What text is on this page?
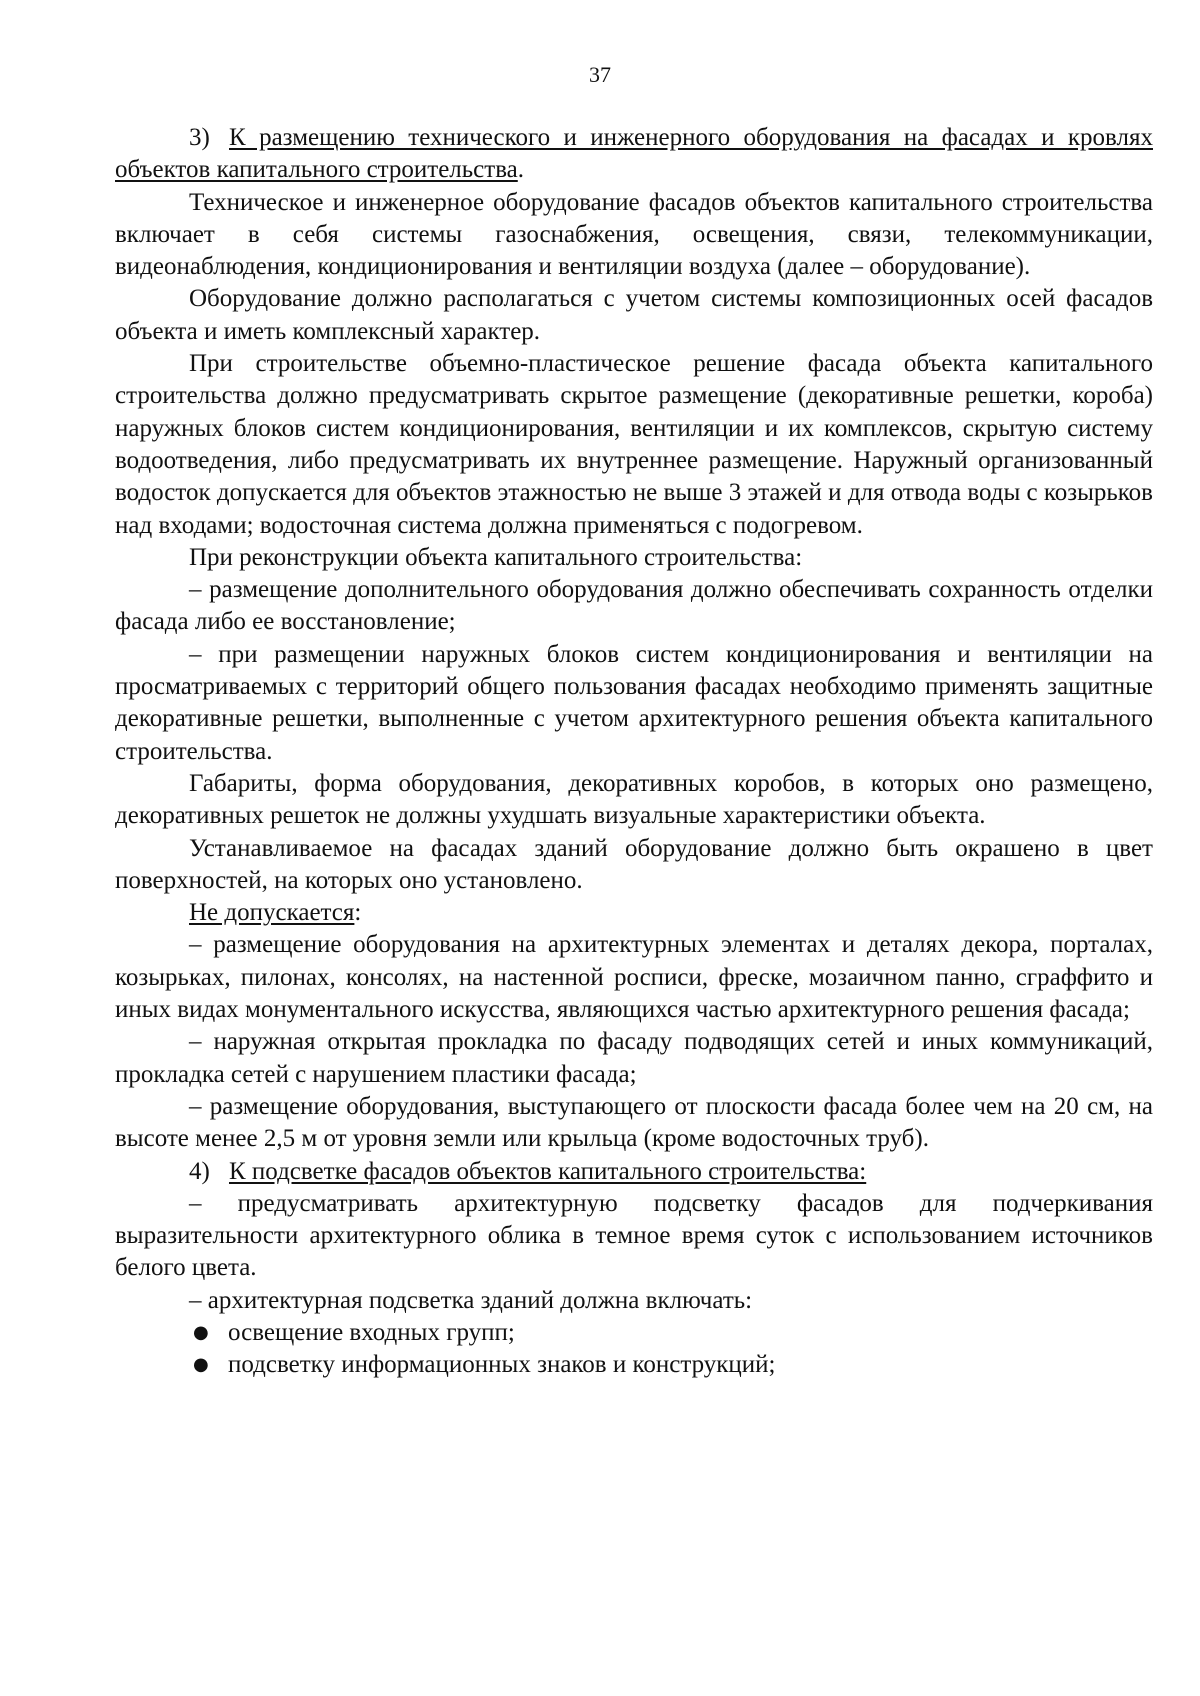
37

3) К размещению технического и инженерного оборудования на фасадах и кровлях объектов капитального строительства.

Техническое и инженерное оборудование фасадов объектов капитального строительства включает в себя системы газоснабжения, освещения, связи, телекоммуникации, видеонаблюдения, кондиционирования и вентиляции воздуха (далее – оборудование).

Оборудование должно располагаться с учетом системы композиционных осей фасадов объекта и иметь комплексный характер.

При строительстве объемно-пластическое решение фасада объекта капитального строительства должно предусматривать скрытое размещение (декоративные решетки, короба) наружных блоков систем кондиционирования, вентиляции и их комплексов, скрытую систему водоотведения, либо предусматривать их внутреннее размещение. Наружный организованный водосток допускается для объектов этажностью не выше 3 этажей и для отвода воды с козырьков над входами; водосточная система должна применяться с подогревом.

При реконструкции объекта капитального строительства:

– размещение дополнительного оборудования должно обеспечивать сохранность отделки фасада либо ее восстановление;

– при размещении наружных блоков систем кондиционирования и вентиляции на просматриваемых с территорий общего пользования фасадах необходимо применять защитные декоративные решетки, выполненные с учетом архитектурного решения объекта капитального строительства.

Габариты, форма оборудования, декоративных коробов, в которых оно размещено, декоративных решеток не должны ухудшать визуальные характеристики объекта.

Устанавливаемое на фасадах зданий оборудование должно быть окрашено в цвет поверхностей, на которых оно установлено.

Не допускается:

– размещение оборудования на архитектурных элементах и деталях декора, порталах, козырьках, пилонах, консолях, на настенной росписи, фреске, мозаичном панно, сграффито и иных видах монументального искусства, являющихся частью архитектурного решения фасада;

– наружная открытая прокладка по фасаду подводящих сетей и иных коммуникаций, прокладка сетей с нарушением пластики фасада;

– размещение оборудования, выступающего от плоскости фасада более чем на 20 см, на высоте менее 2,5 м от уровня земли или крыльца (кроме водосточных труб).

4) К подсветке фасадов объектов капитального строительства:

– предусматривать архитектурную подсветку фасадов для подчеркивания выразительности архитектурного облика в темное время суток с использованием источников белого цвета.

– архитектурная подсветка зданий должна включать:

● освещение входных групп;
● подсветку информационных знаков и конструкций;
